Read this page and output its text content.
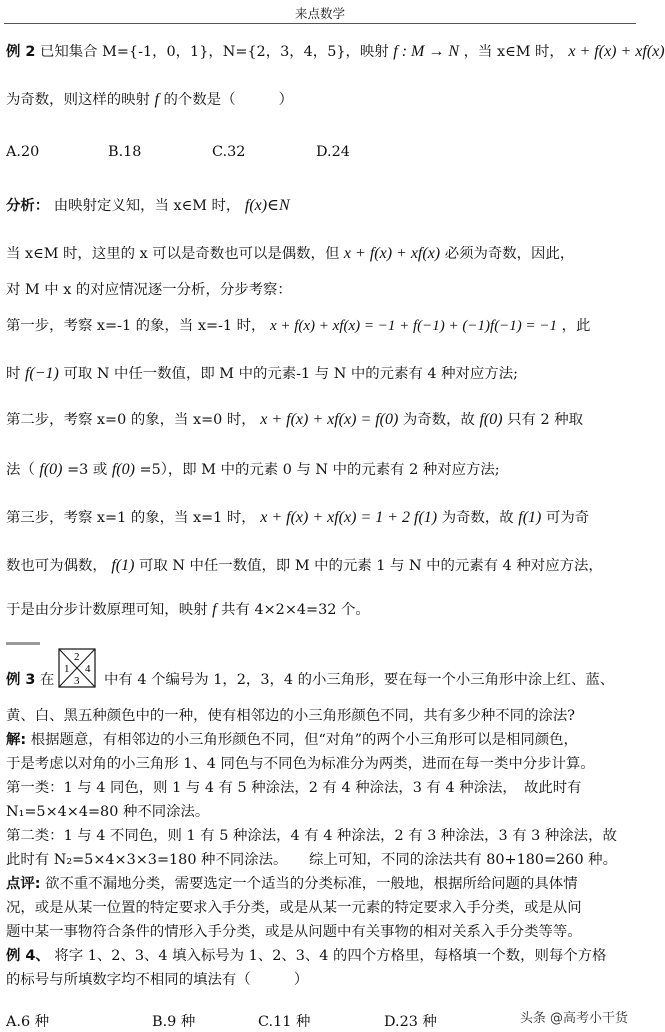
来点数学
例 2 已知集合 M={-1，0，1}，N={2，3，4，5}，映射 f : M → N ，当 x∈M 时， x + f(x) + xf(x)
为奇数，则这样的映射 f 的个数是（　　　）
A.20	B.18	C.32	D.24
分析： 由映射定义知，当 x∈M 时， f(x)∈N
当 x∈M 时，这里的 x 可以是奇数也可以是偶数，但 x + f(x) + xf(x) 必须为奇数，因此，
对 M 中 x 的对应情况逐一分析，分步考察：
第一步，考察 x=-1 的象，当 x=-1 时， x + f(x) + xf(x) = −1 + f(−1) + (−1)f(−1) = −1 ，此
时 f(−1) 可取 N 中任一数值，即 M 中的元素-1 与 N 中的元素有 4 种对应方法;
第二步，考察 x=0 的象，当 x=0 时， x + f(x) + xf(x) = f(0) 为奇数，故 f(0) 只有 2 种取
法（ f(0) =3 或 f(0) =5），即 M 中的元素 0 与 N 中的元素有 2 种对应方法;
第三步，考察 x=1 的象，当 x=1 时， x + f(x) + xf(x) = 1 + 2 f(1) 为奇数，故 f(1) 可为奇
数也可为偶数， f(1) 可取 N 中任一数值，即 M 中的元素 1 与 N 中的元素有 4 种对应方法，
于是由分步计数原理可知，映射 f 共有 4×2×4=32 个。
1
2
3
4
例 3 在	中有 4 个编号为 1，2，3，4 的小三角形，要在每一个小三角形中涂上红、蓝、
黄、白、黑五种颜色中的一种，使有相邻边的小三角形颜色不同，共有多少种不同的涂法?
解: 根据题意，有相邻边的小三角形颜色不同，但“对角”的两个小三角形可以是相同颜色，
于是考虑以对角的小三角形 1、4 同色与不同色为标准分为两类，进而在每一类中分步计算。
第一类：1 与 4 同色，则 1 与 4 有 5 种涂法，2 有 4 种涂法，3 有 4 种涂法，　故此时有
N₁=5×4×4=80 种不同涂法。
第二类：1 与 4 不同色，则 1 有 5 种涂法，4 有 4 种涂法，2 有 3 种涂法，3 有 3 种涂法，故
此时有 N₂=5×4×3×3=180 种不同涂法。　　综上可知，不同的涂法共有 80+180=260 种。
点评: 欲不重不漏地分类，需要选定一个适当的分类标准，一般地，根据所给问题的具体情
况，或是从某一位置的特定要求入手分类，或是从某一元素的特定要求入手分类，或是从问
题中某一事物符合条件的情形入手分类，或是从问题中有关事物的相对关系入手分类等等。
例 4、 将字 1、2、3、4 填入标号为 1、2、3、4 的四个方格里，每格填一个数，则每个方格
的标号与所填数字均不相同的填法有（　　　）
A.6 种	B.9 种	C.11 种	D.23 种	头条 @高考小干货
